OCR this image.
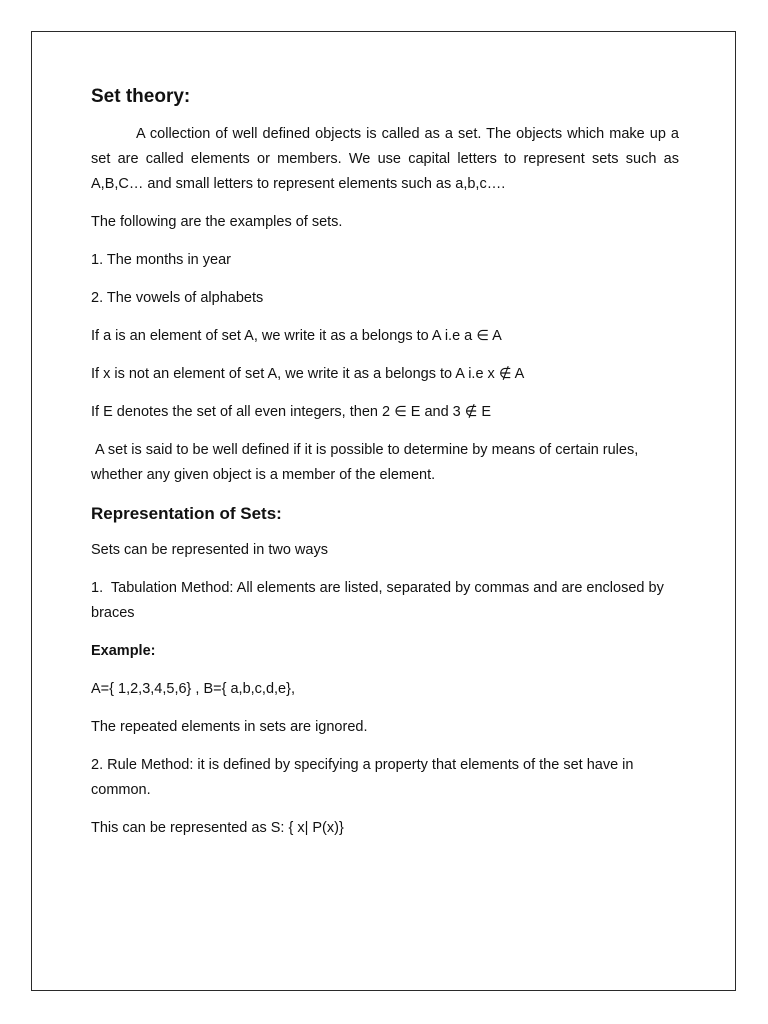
Set theory:

A collection of well defined objects is called as a set. The objects which make up a set are called elements or members. We use capital letters to represent sets such as A,B,C… and small letters to represent elements such as a,b,c….

The following are the examples of sets.

1. The months in year

2. The vowels of alphabets

If a is an element of set A, we write it as a belongs to A i.e a ∈ A

If x is not an element of set A, we write it as a belongs to A i.e x ∉ A

If E denotes the set of all even integers, then 2 ∈ E and 3 ∉ E

A set is said to be well defined if it is possible to determine by means of certain rules, whether any given object is a member of the element.

Representation of Sets:

Sets can be represented in two ways

1.  Tabulation Method: All elements are listed, separated by commas and are enclosed by braces

Example:

A={ 1,2,3,4,5,6} , B={ a,b,c,d,e},

The repeated elements in sets are ignored.

2. Rule Method: it is defined by specifying a property that elements of the set have in common.

This can be represented as S: { x| P(x)}
